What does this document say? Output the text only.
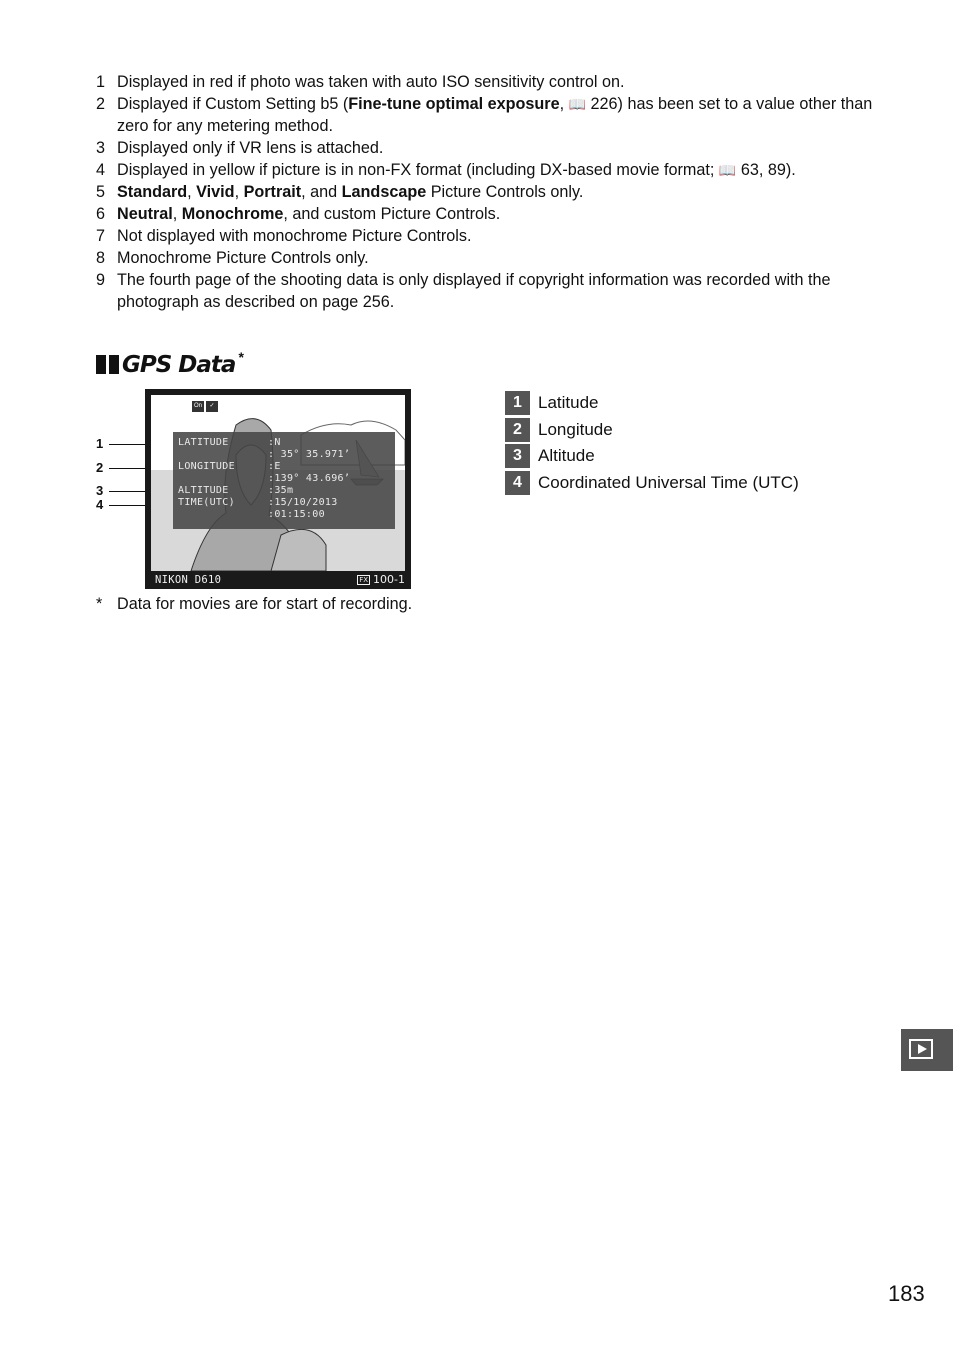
1 Displayed in red if photo was taken with auto ISO sensitivity control on.
2 Displayed if Custom Setting b5 (Fine-tune optimal exposure, 📖 226) has been set to a value other than zero for any metering method.
3 Displayed only if VR lens is attached.
4 Displayed in yellow if picture is in non-FX format (including DX-based movie format; 📖 63, 89).
5 Standard, Vivid, Portrait, and Landscape Picture Controls only.
6 Neutral, Monochrome, and custom Picture Controls.
7 Not displayed with monochrome Picture Controls.
8 Monochrome Picture Controls only.
9 The fourth page of the shooting data is only displayed if copyright information was recorded with the photograph as described on page 256.
GPS Data *
1
2
3
4
On	✓
LATITUDE
LONGITUDE
ALTITUDE
TIME(UTC)
:N
: 35° 35.971’
:E
:139° 43.696’
:35m
:15/10/2013
:01:15:00
NIKON D610	FX 100-1
1 Latitude
2 Longitude
3 Altitude
4 Coordinated Universal Time (UTC)
* Data for movies are for start of recording.
183
